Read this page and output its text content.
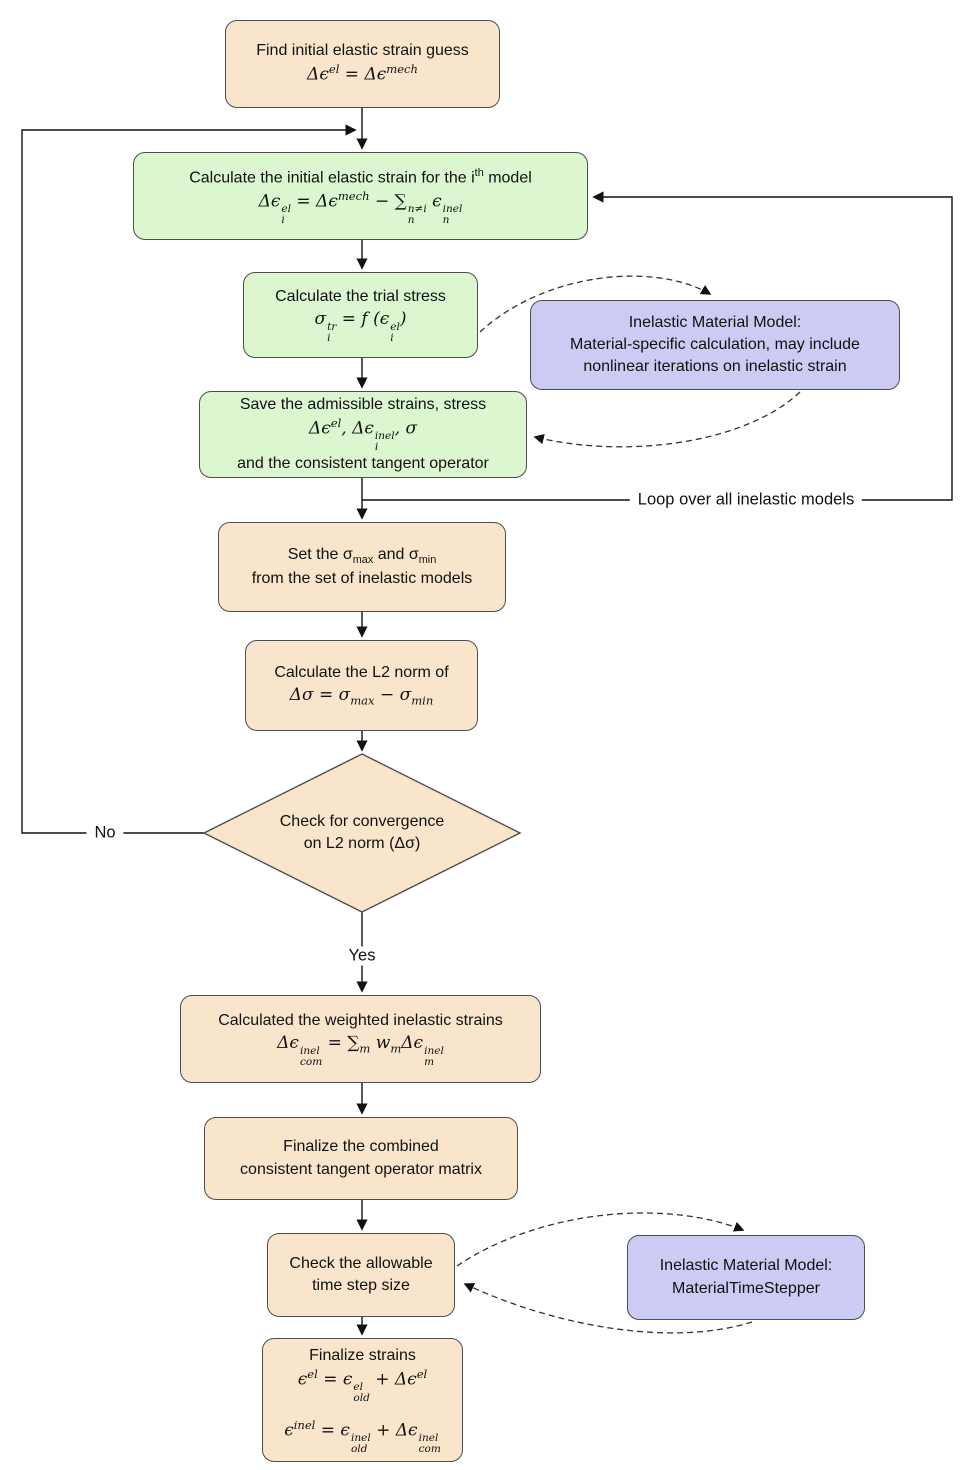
Find initial elastic strain guess
$\Delta\epsilon^{el} = \Delta\epsilon^{mech}$
Calculate the initial elastic strain for the $i^{th}$ model
Δϵ el
i
= $\Delta\epsilon^{mech}$ − ∑ n≠i
n
ϵ inel
n
Calculate the trial stress
σ tr
i
= f (ϵ el
i
)	Inelastic Material Model:
Material-specific calculation, may include
nonlinear iterations on inelastic strain
Save the admissible strains, stress
$\Delta\epsilon^{el}$, Δϵ inel
i
, σ
and the consistent tangent operator
Set the $\sigma_{max}$ and $\sigma_{min}$
from the set of inelastic models
Calculate the L2 norm of
$\Delta\sigma = \sigma_{max} - \sigma_{min}$
Check for convergence
on L2 norm (Δσ)
Calculated the weighted inelastic strains
Δϵ inel
com
= $\sum_m$ $w_m\Delta\epsilon$ inel
m
Finalize the combined
consistent tangent operator matrix
Check the allowable
time step size
Inelastic Material Model:
MaterialTimeStepper
Finalize strains
$\epsilon^{el} = \epsilon$ el
old
+ $\Delta\epsilon^{el}$
$\epsilon^{inel} = \epsilon$ inel
old
+ Δϵ inel
com
Loop over all inelastic models
No
Yes
